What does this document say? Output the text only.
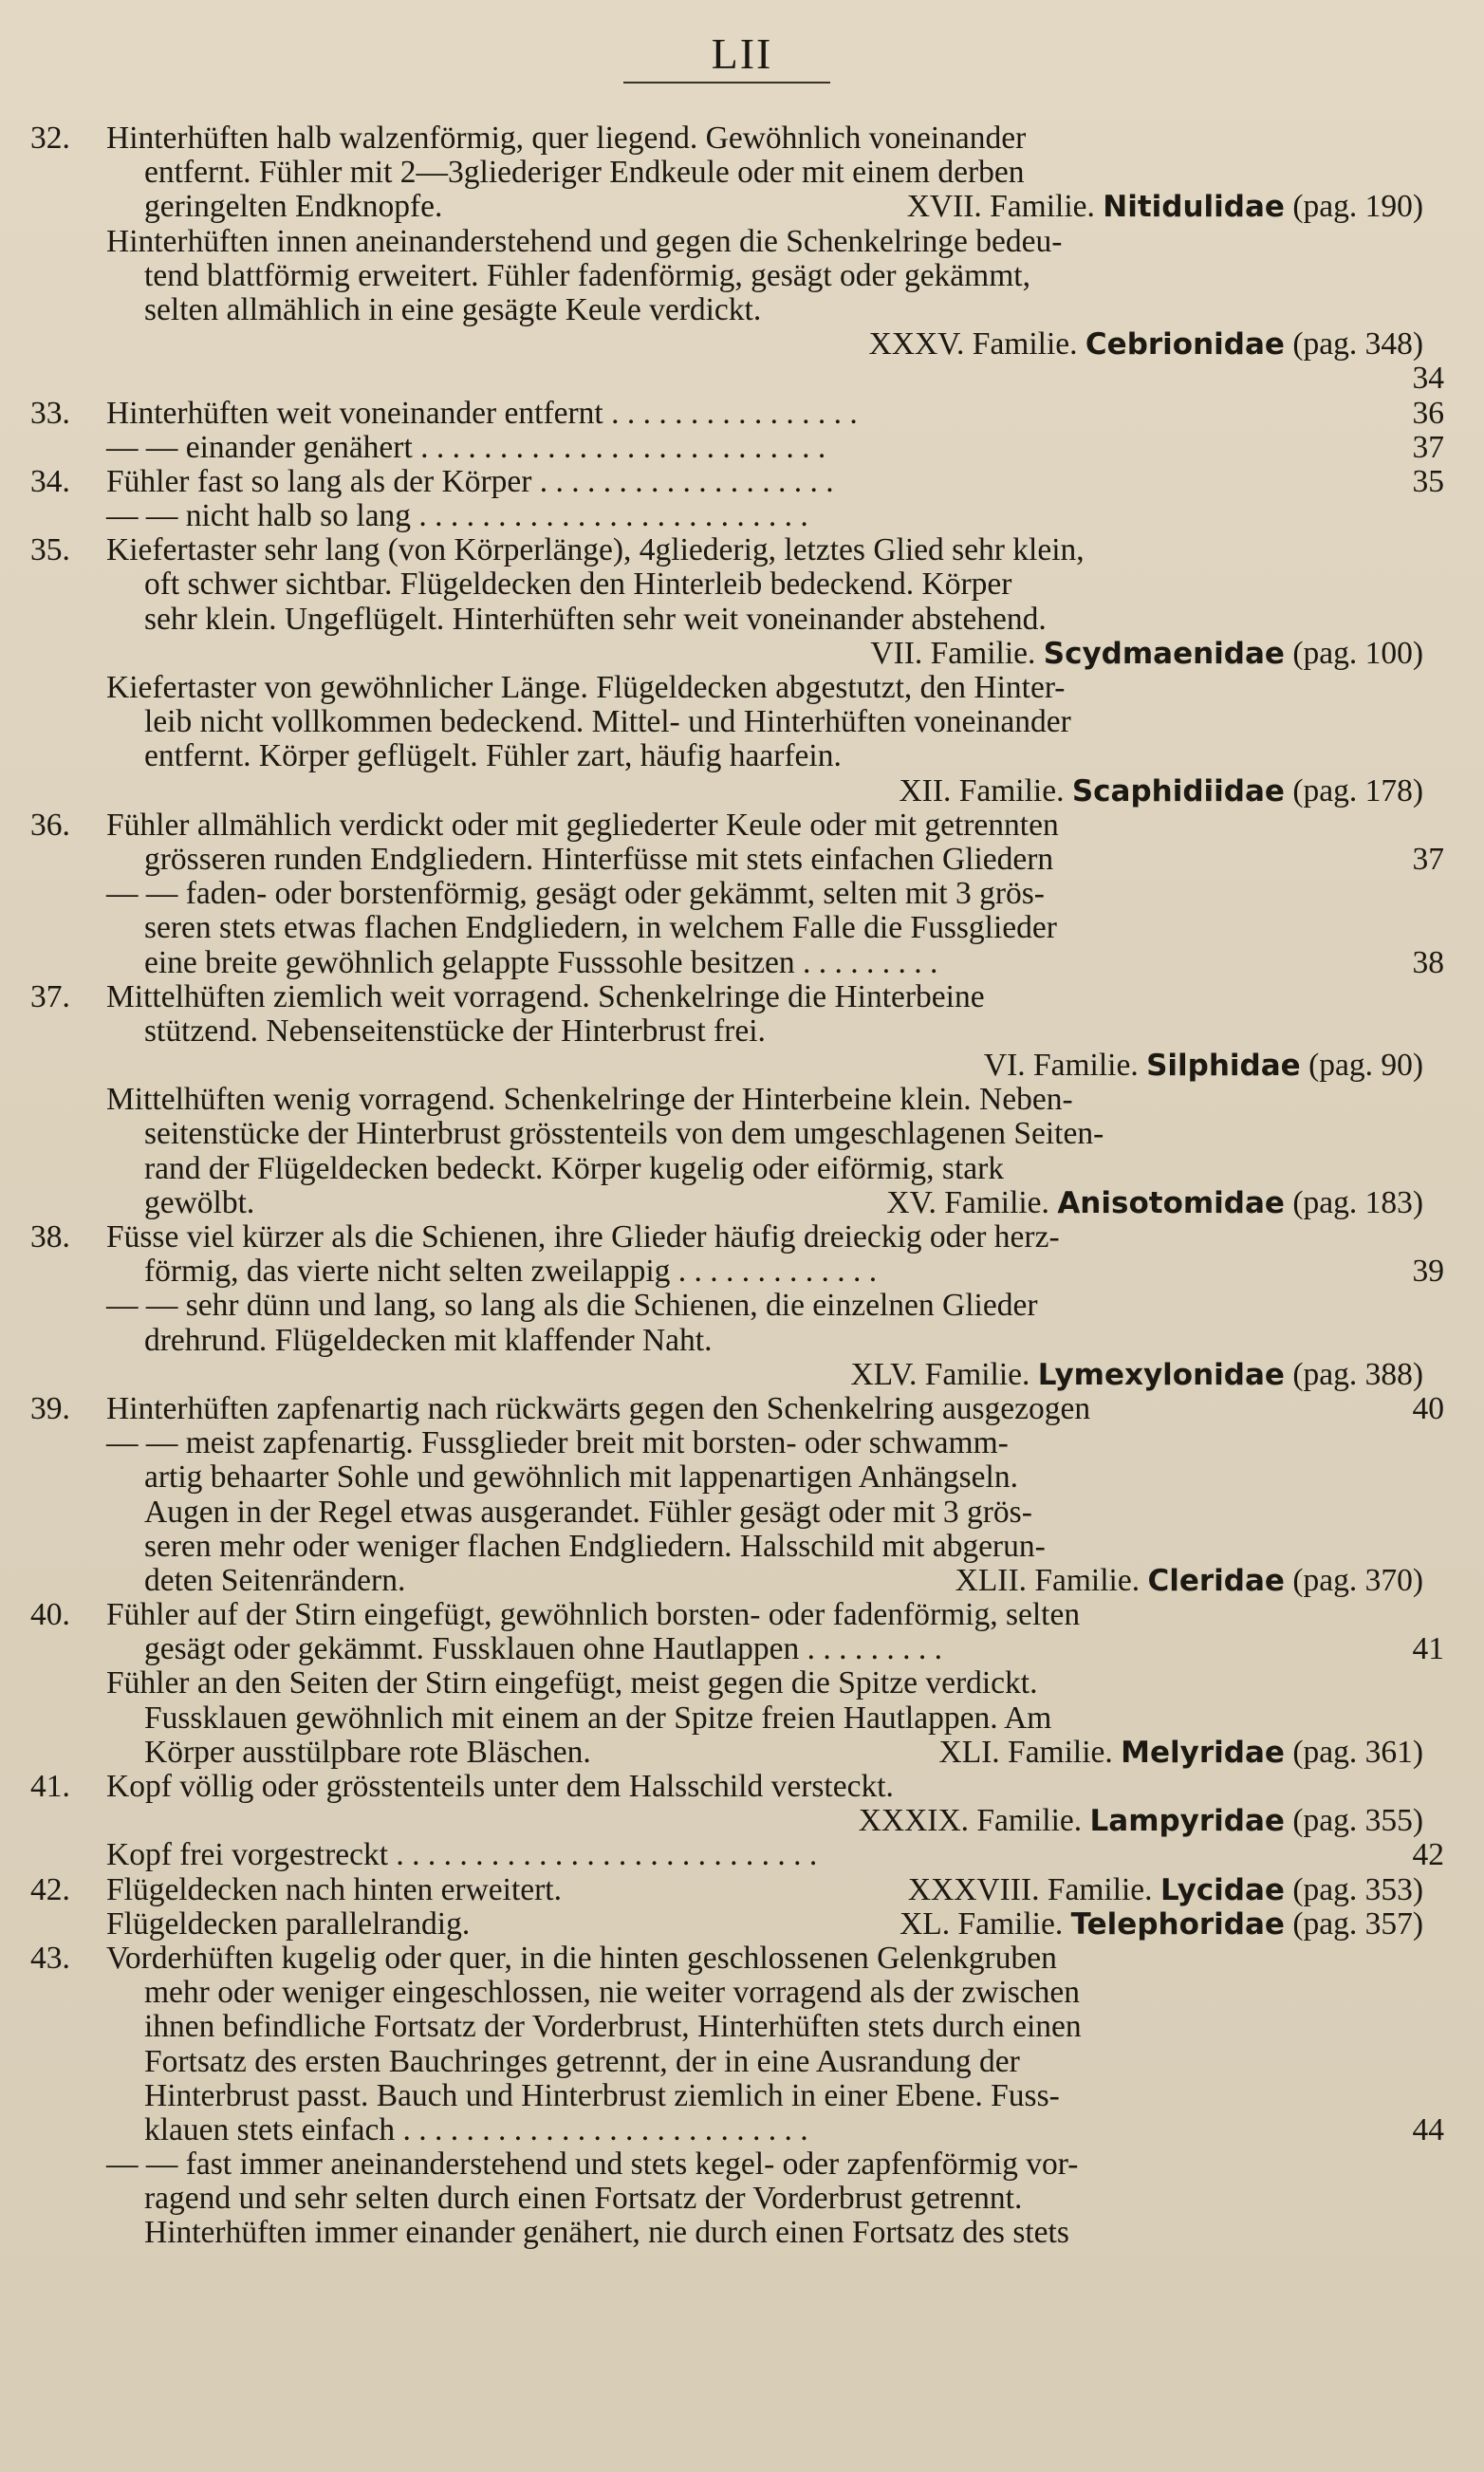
LII
32. Hinterhüften halb walzenförmig, quer liegend. Gewöhnlich voneinander
entfernt. Fühler mit 2—3gliederiger Endkeule oder mit einem derben
geringelten Endknopfe.	XVII. Familie. Nitidulidae (pag. 190)
Hinterhüften innen aneinanderstehend und gegen die Schenkelringe bedeu-
tend blattförmig erweitert. Fühler fadenförmig, gesägt oder gekämmt,
selten allmählich in eine gesägte Keule verdickt.
XXXV. Familie. Cebrionidae (pag. 348)
34
33. Hinterhüften weit voneinander entfernt . . . . . . . . . . . . . . . .	36
— — einander genähert . . . . . . . . . . . . . . . . . . . . . . . . . .	37
34. Fühler fast so lang als der Körper . . . . . . . . . . . . . . . . . . .	35
— — nicht halb so lang . . . . . . . . . . . . . . . . . . . . . . . . .
35. Kiefertaster sehr lang (von Körperlänge), 4gliederig, letztes Glied sehr klein,
oft schwer sichtbar. Flügeldecken den Hinterleib bedeckend. Körper
sehr klein. Ungeflügelt. Hinterhüften sehr weit voneinander abstehend.
VII. Familie. Scydmaenidae (pag. 100)
Kiefertaster von gewöhnlicher Länge. Flügeldecken abgestutzt, den Hinter-
leib nicht vollkommen bedeckend. Mittel- und Hinterhüften voneinander
entfernt. Körper geflügelt. Fühler zart, häufig haarfein.
XII. Familie. Scaphidiidae (pag. 178)
36. Fühler allmählich verdickt oder mit gegliederter Keule oder mit getrennten
grösseren runden Endgliedern. Hinterfüsse mit stets einfachen Gliedern	37
— — faden- oder borstenförmig, gesägt oder gekämmt, selten mit 3 grös-
seren stets etwas flachen Endgliedern, in welchem Falle die Fussglieder
eine breite gewöhnlich gelappte Fusssohle besitzen . . . . . . . . .	38
37. Mittelhüften ziemlich weit vorragend. Schenkelringe die Hinterbeine
stützend. Nebenseitenstücke der Hinterbrust frei.
VI. Familie. Silphidae (pag. 90)
Mittelhüften wenig vorragend. Schenkelringe der Hinterbeine klein. Neben-
seitenstücke der Hinterbrust grösstenteils von dem umgeschlagenen Seiten-
rand der Flügeldecken bedeckt. Körper kugelig oder eiförmig, stark
gewölbt.	XV. Familie. Anisotomidae (pag. 183)
38. Füsse viel kürzer als die Schienen, ihre Glieder häufig dreieckig oder herz-
förmig, das vierte nicht selten zweilappig . . . . . . . . . . . . .	39
— — sehr dünn und lang, so lang als die Schienen, die einzelnen Glieder
drehrund. Flügeldecken mit klaffender Naht.
XLV. Familie. Lymexylonidae (pag. 388)
39. Hinterhüften zapfenartig nach rückwärts gegen den Schenkelring ausgezogen	40
— — meist zapfenartig. Fussglieder breit mit borsten- oder schwamm-
artig behaarter Sohle und gewöhnlich mit lappenartigen Anhängseln.
Augen in der Regel etwas ausgerandet. Fühler gesägt oder mit 3 grös-
seren mehr oder weniger flachen Endgliedern. Halsschild mit abgerun-
deten Seitenrändern.	XLII. Familie. Cleridae (pag. 370)
40. Fühler auf der Stirn eingefügt, gewöhnlich borsten- oder fadenförmig, selten
gesägt oder gekämmt. Fussklauen ohne Hautlappen . . . . . . . . .	41
Fühler an den Seiten der Stirn eingefügt, meist gegen die Spitze verdickt.
Fussklauen gewöhnlich mit einem an der Spitze freien Hautlappen. Am
Körper ausstülpbare rote Bläschen.	XLI. Familie. Melyridae (pag. 361)
41. Kopf völlig oder grösstenteils unter dem Halsschild versteckt.
XXXIX. Familie. Lampyridae (pag. 355)
Kopf frei vorgestreckt . . . . . . . . . . . . . . . . . . . . . . . . . . .	42
42. Flügeldecken nach hinten erweitert.	XXXVIII. Familie. Lycidae (pag. 353)
Flügeldecken parallelrandig.	XL. Familie. Telephoridae (pag. 357)
43. Vorderhüften kugelig oder quer, in die hinten geschlossenen Gelenkgruben
mehr oder weniger eingeschlossen, nie weiter vorragend als der zwischen
ihnen befindliche Fortsatz der Vorderbrust, Hinterhüften stets durch einen
Fortsatz des ersten Bauchringes getrennt, der in eine Ausrandung der
Hinterbrust passt. Bauch und Hinterbrust ziemlich in einer Ebene. Fuss-
klauen stets einfach . . . . . . . . . . . . . . . . . . . . . . . . . .	44
— — fast immer aneinanderstehend und stets kegel- oder zapfenförmig vor-
ragend und sehr selten durch einen Fortsatz der Vorderbrust getrennt.
Hinterhüften immer einander genähert, nie durch einen Fortsatz des stets
